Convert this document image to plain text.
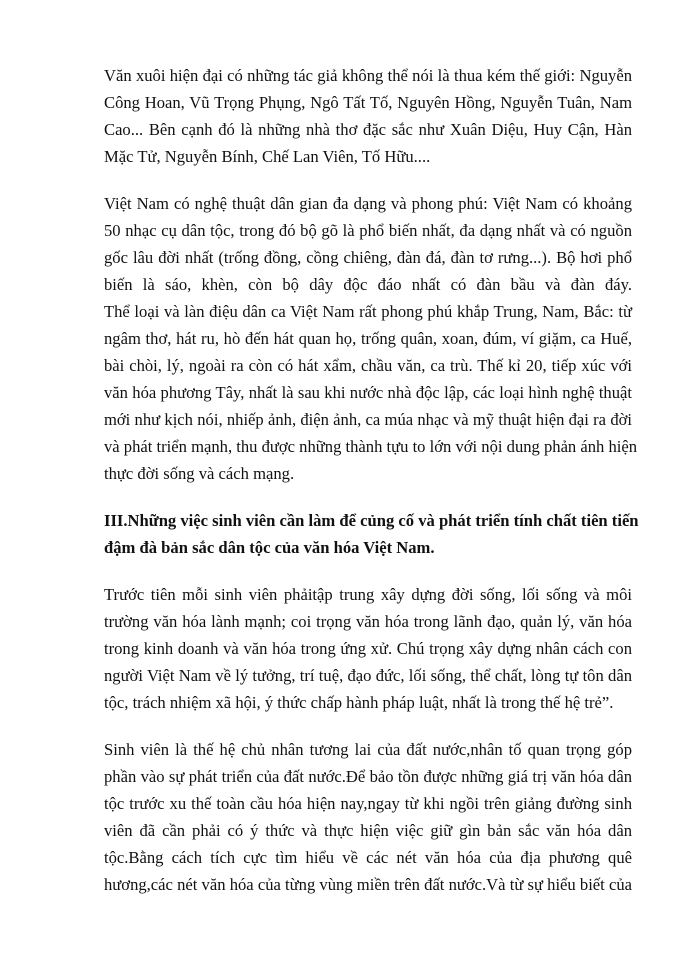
Văn xuôi hiện đại có những tác giả không thể nói là thua kém thế giới: Nguyễn
Công Hoan, Vũ Trọng Phụng, Ngô Tất Tố, Nguyên Hồng, Nguyễn Tuân, Nam
Cao... Bên cạnh đó là những nhà thơ đặc sắc như Xuân Diệu, Huy Cận, Hàn
Mặc Tử, Nguyễn Bính, Chế Lan Viên, Tố Hữu....
Việt Nam có nghệ thuật dân gian đa dạng và phong phú: Việt Nam có khoảng
50 nhạc cụ dân tộc, trong đó bộ gõ là phổ biến nhất, đa dạng nhất và có nguồn
gốc lâu đời nhất (trống đồng, cồng chiêng, đàn đá, đàn tơ rưng...). Bộ hơi phổ
biến là sáo, khèn, còn bộ dây độc đáo nhất có đàn bầu và đàn đáy.
Thể loại và làn điệu dân ca Việt Nam rất phong phú khắp Trung, Nam, Bắc: từ
ngâm thơ, hát ru, hò đến hát quan họ, trống quân, xoan, đúm, ví giặm, ca Huế,
bài chòi, lý, ngoài ra còn có hát xẩm, chầu văn, ca trù. Thế kỉ 20, tiếp xúc với
văn hóa phương Tây, nhất là sau khi nước nhà độc lập, các loại hình nghệ thuật
mới như kịch nói, nhiếp ảnh, điện ảnh, ca múa nhạc và mỹ thuật hiện đại ra đời
và phát triển mạnh, thu được những thành tựu to lớn với nội dung phản ánh hiện
thực đời sống và cách mạng.
III.Những việc sinh viên cần làm để củng cố và phát triển tính chất tiên tiến
đậm đà bản sắc dân tộc của văn hóa Việt Nam.
Trước tiên mỗi sinh viên phảitập trung xây dựng đời sống, lối sống và môi
trường văn hóa lành mạnh; coi trọng văn hóa trong lãnh đạo, quản lý, văn hóa
trong kinh doanh và văn hóa trong ứng xử. Chú trọng xây dựng nhân cách con
người Việt Nam về lý tưởng, trí tuệ, đạo đức, lối sống, thể chất, lòng tự tôn dân
tộc, trách nhiệm xã hội, ý thức chấp hành pháp luật, nhất là trong thế hệ trẻ”.
Sinh viên là thế hệ chủ nhân tương lai của đất nước,nhân tố quan trọng góp
phần vào sự phát triển của đất nước.Để bảo tồn được những giá trị văn hóa dân
tộc trước xu thế toàn cầu hóa hiện nay,ngay từ khi ngồi trên giảng đường sinh
viên đã cần phải có ý thức và thực hiện việc giữ gìn bản sắc văn hóa dân
tộc.Bằng cách tích cực tìm hiểu về các nét văn hóa của địa phương quê
hương,các nét văn hóa của từng vùng miền trên đất nước.Và từ sự hiểu biết của
